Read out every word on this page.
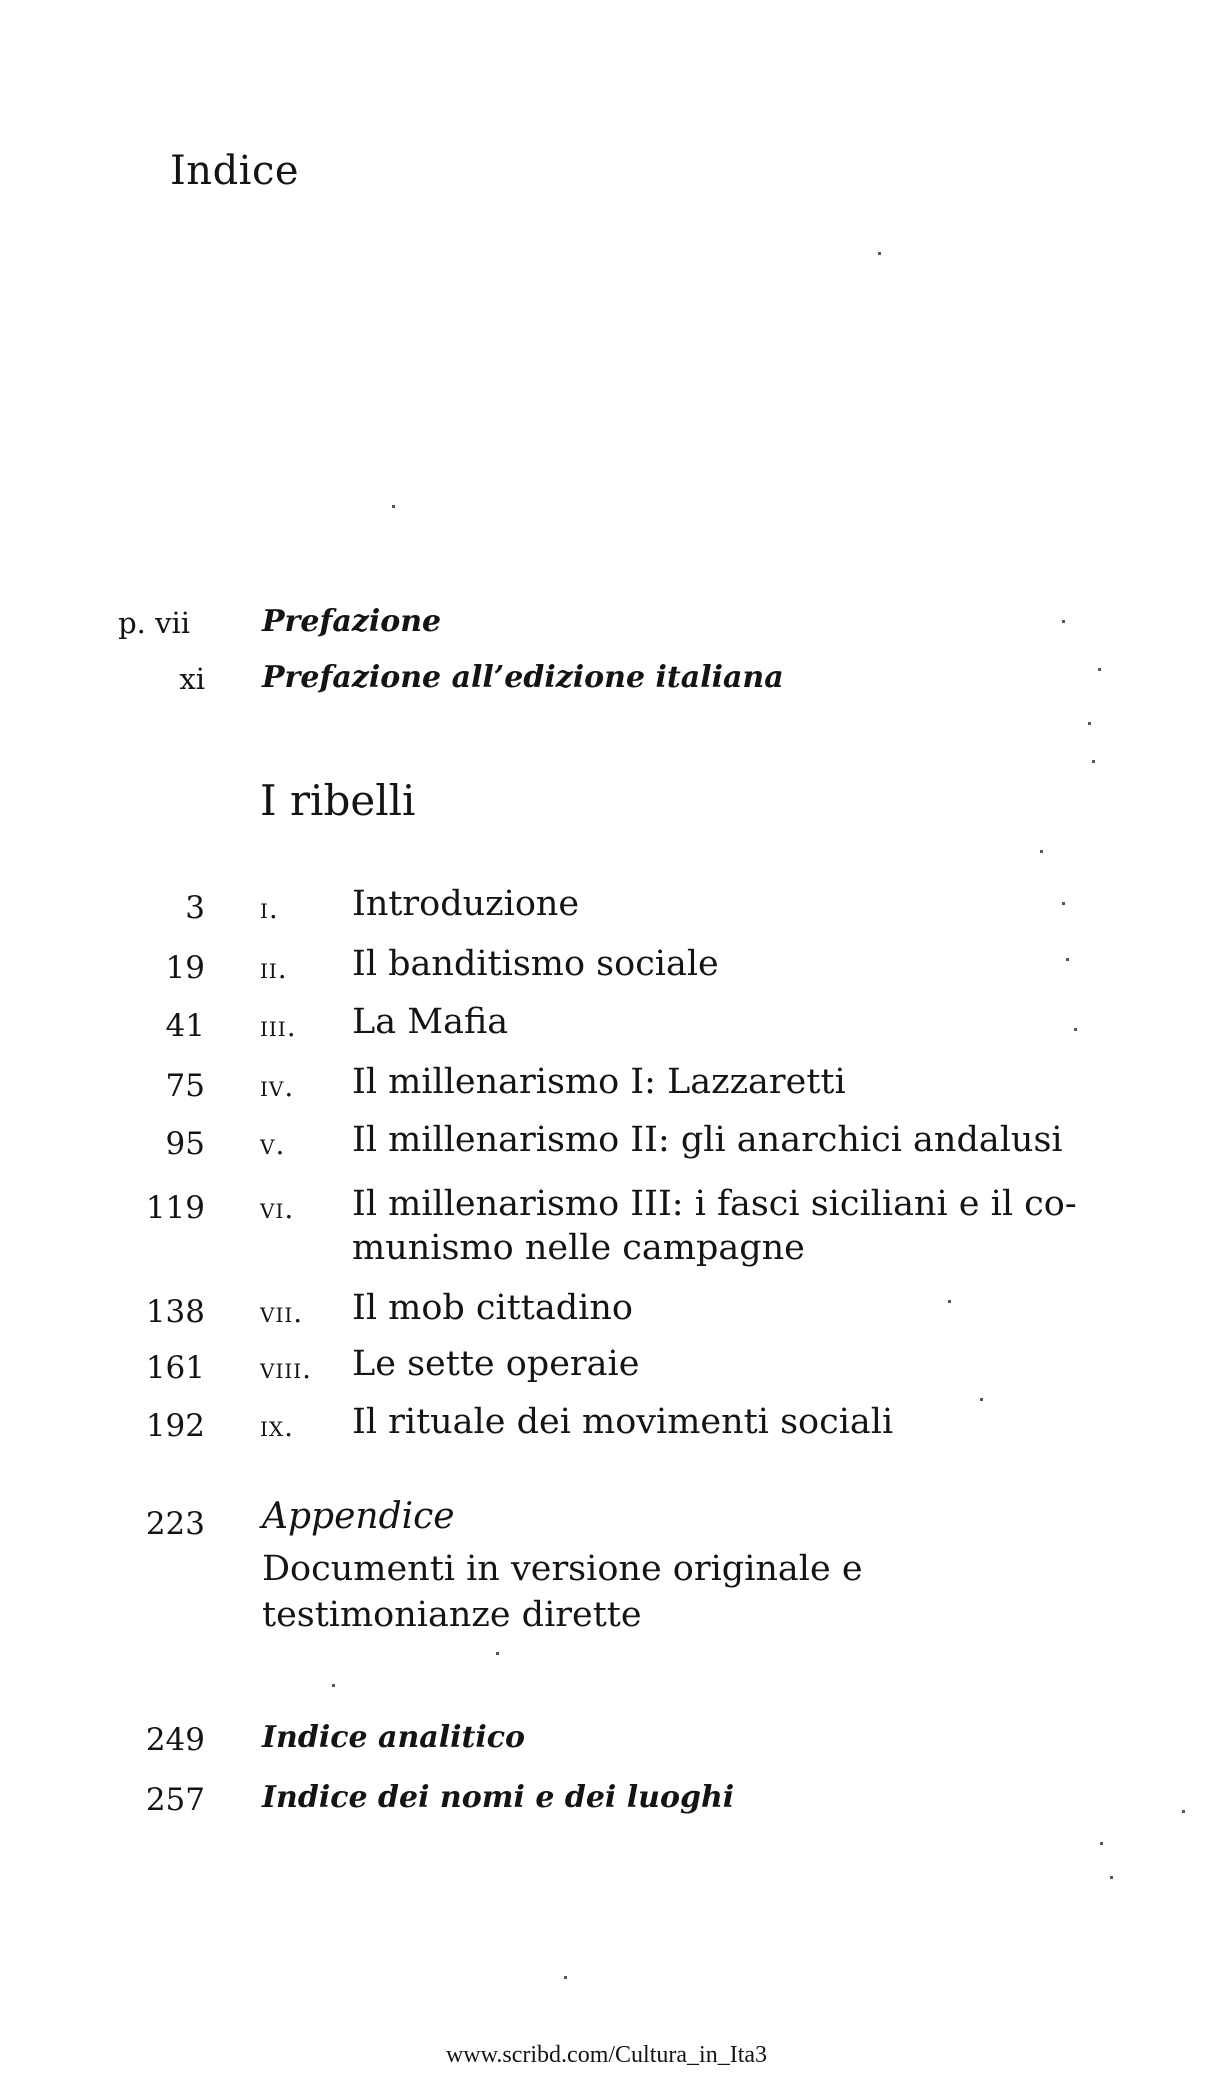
Indice
p. vii Prefazione
xi Prefazione all’edizione italiana
I ribelli
3 i. Introduzione
19 ii. Il banditismo sociale
41 iii. La Mafia
75 iv. Il millenarismo I: Lazzaretti
95 v. Il millenarismo II: gli anarchici andalusi
119 vi. Il millenarismo III: i fasci siciliani e il co-
munismo nelle campagne
138 vii. Il mob cittadino
161 viii. Le sette operaie
192 ix. Il rituale dei movimenti sociali
223 Appendice
Documenti in versione originale e testimonianze dirette
249 Indice analitico
257 Indice dei nomi e dei luoghi
www.scribd.com/Cultura_in_Ita3
